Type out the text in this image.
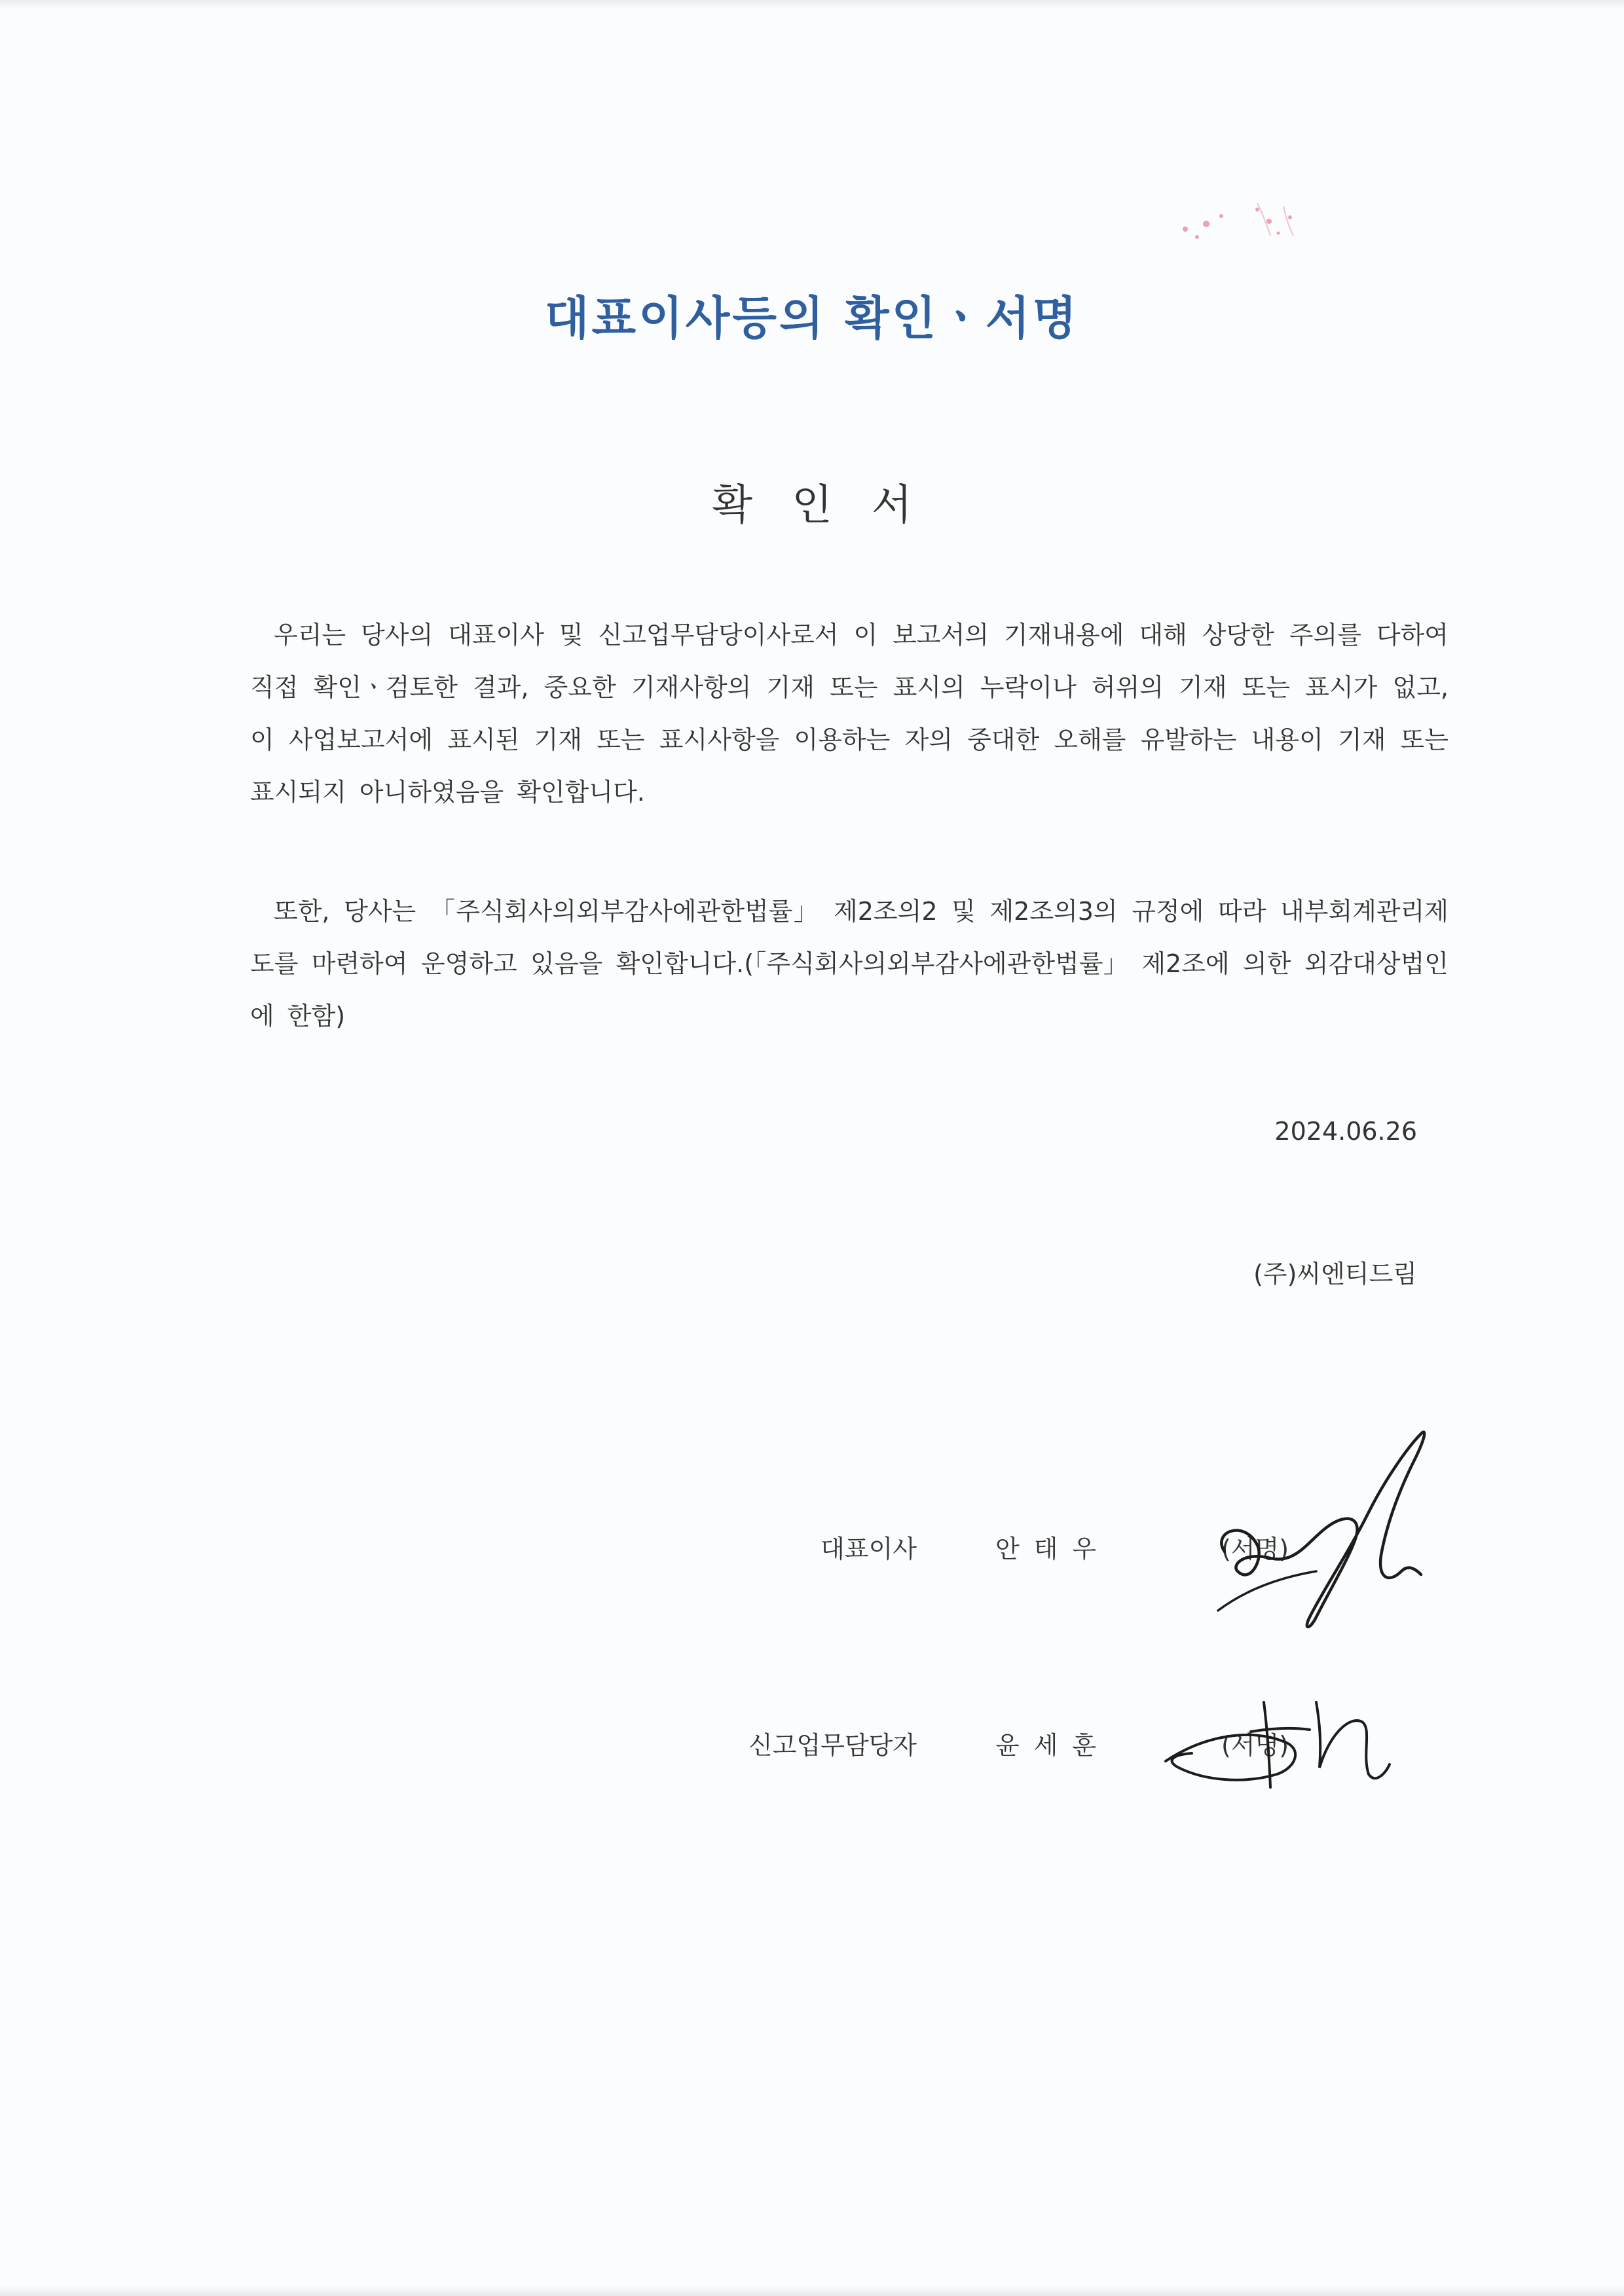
대표이사등의 확인ㆍ서명
확인서
우리는 당사의 대표이사 및 신고업무담당이사로서 이 보고서의 기재내용에 대해 상당한 주의를 다하여 직접 확인ㆍ검토한 결과, 중요한 기재사항의 기재 또는 표시의 누락이나 허위의 기재 또는 표시가 없고, 이 사업보고서에 표시된 기재 또는 표시사항을 이용하는 자의 중대한 오해를 유발하는 내용이 기재 또는 표시되지 아니하였음을 확인합니다.
또한, 당사는 「주식회사의외부감사에관한법률」 제2조의2 및 제2조의3의 규정에 따라 내부회계관리제도를 마련하여 운영하고 있음을 확인합니다.(「주식회사의외부감사에관한법률」 제2조에 의한 외감대상법인에 한함)
2024.06.26
(주)씨엔티드림
대표이사	안태우	(서명)
신고업무담당자	윤세훈	(서명)
